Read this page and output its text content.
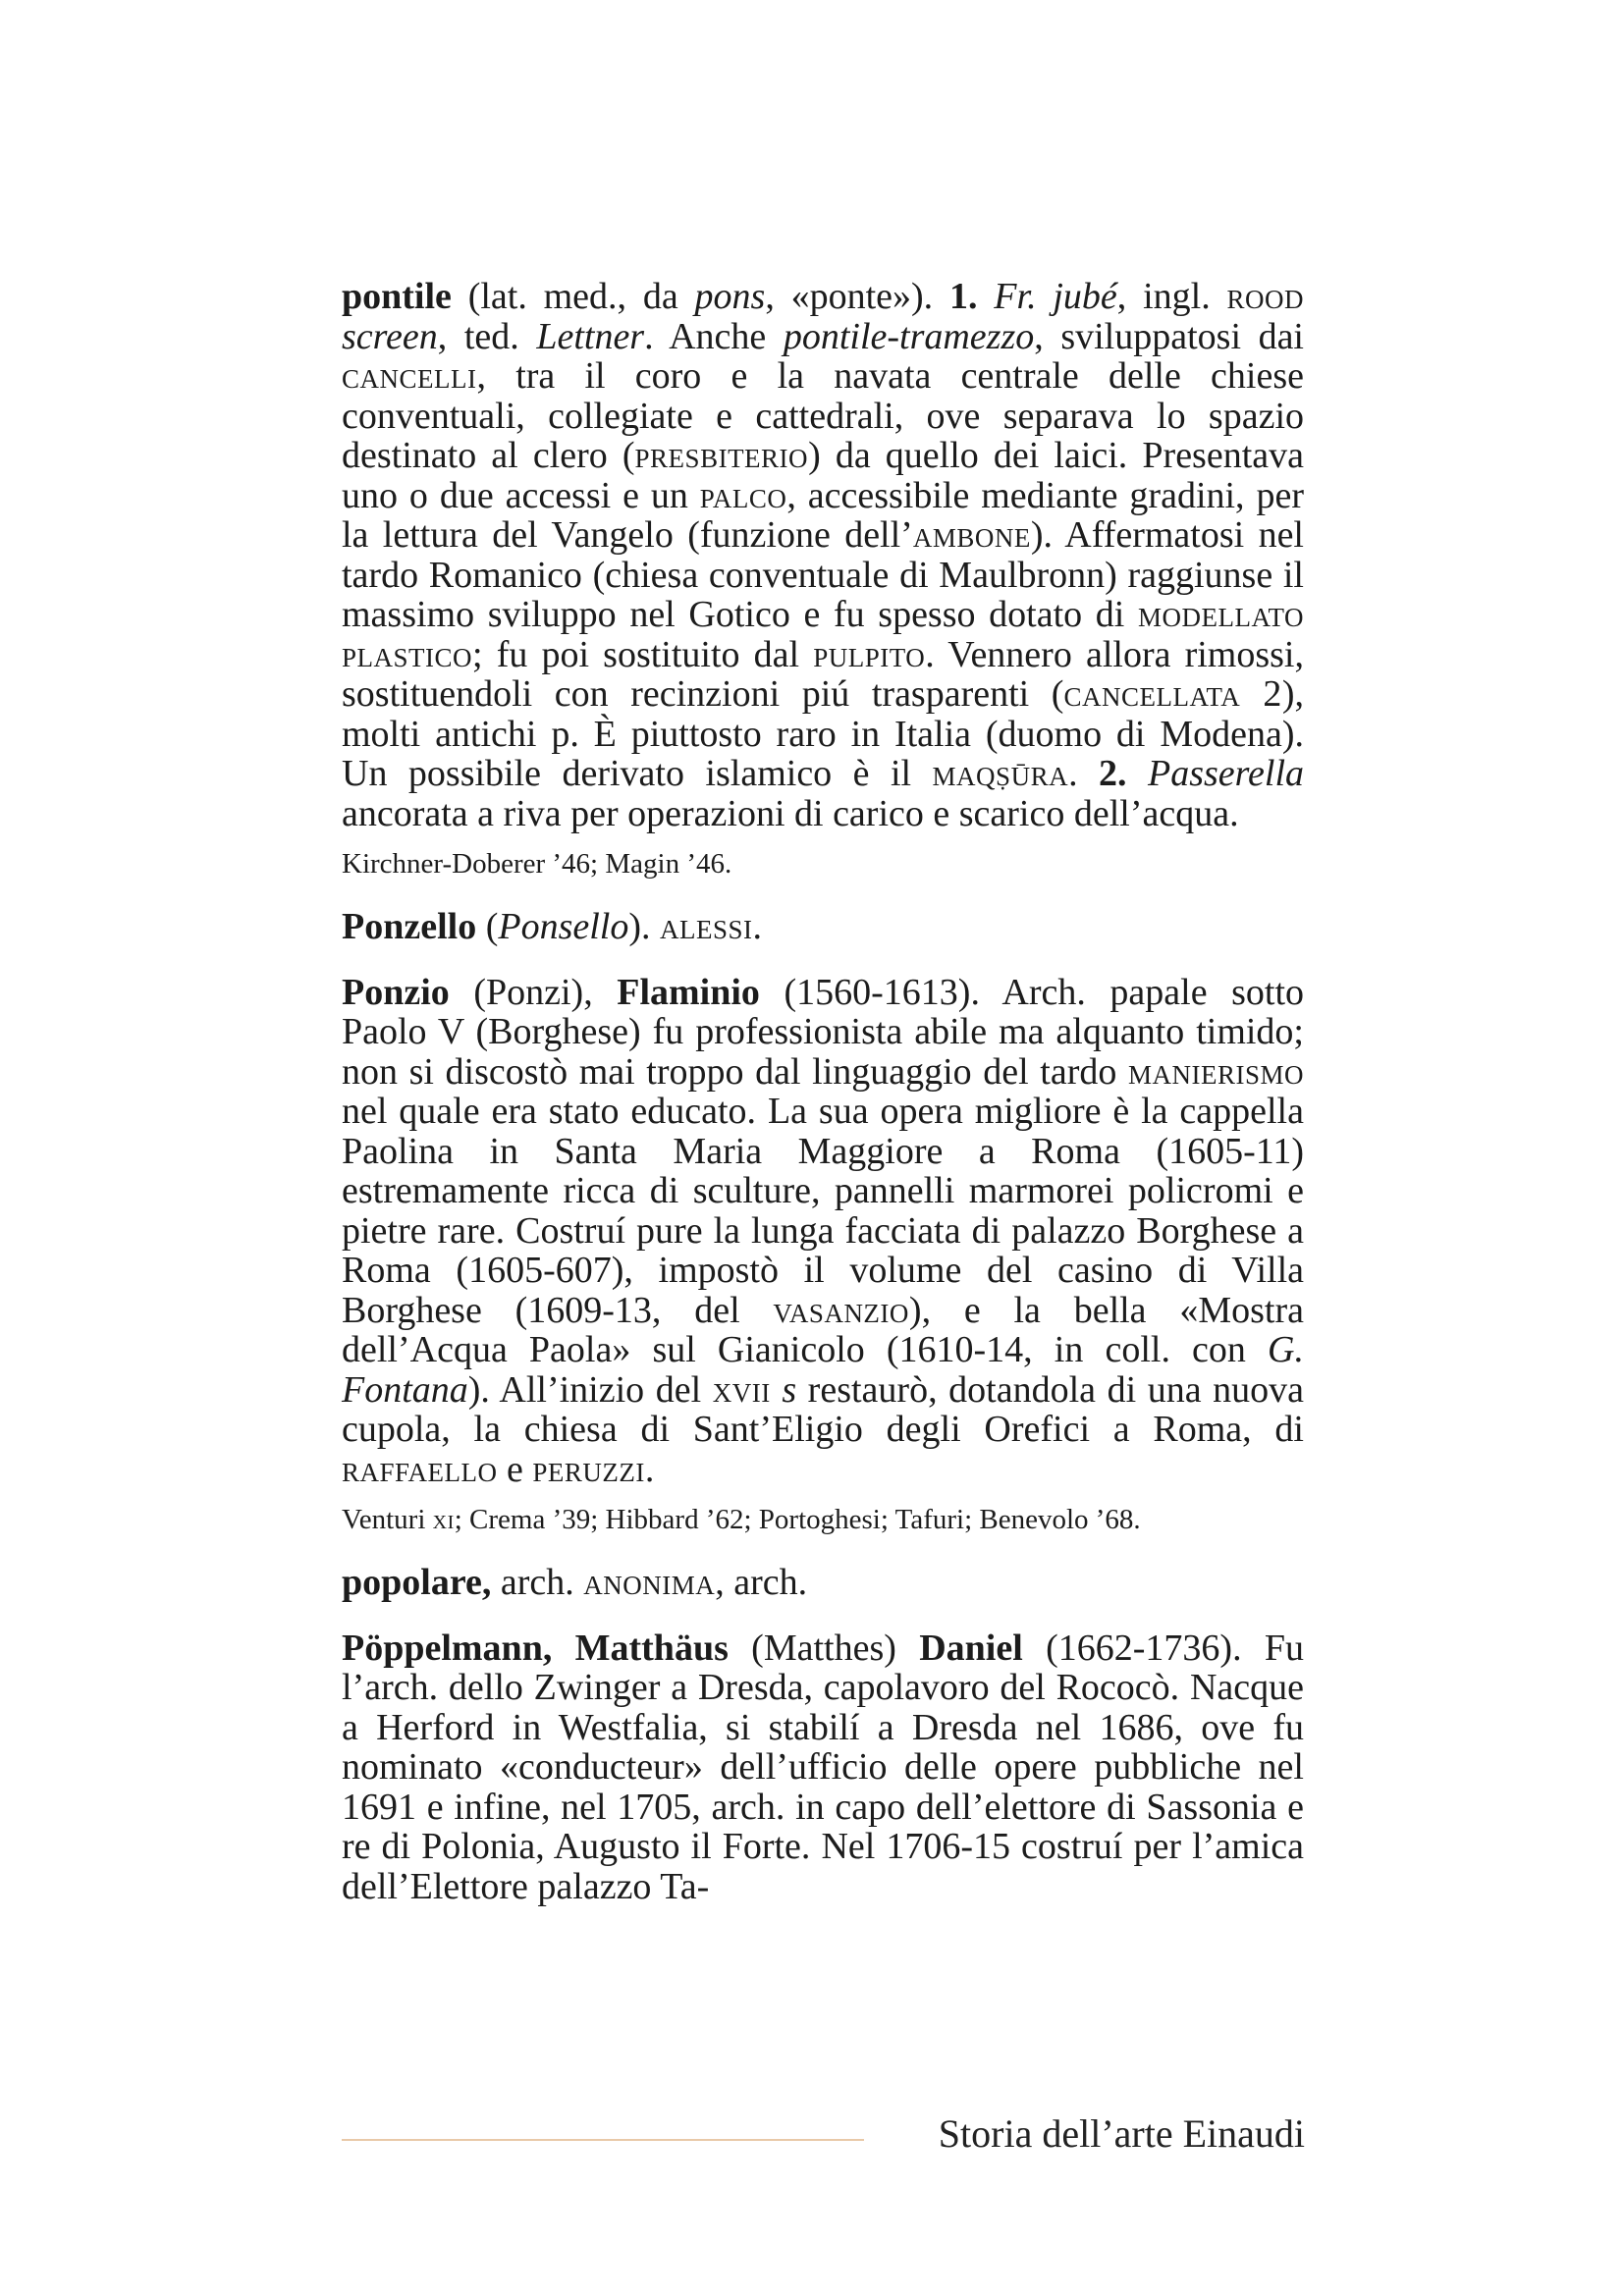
pontile (lat. med., da pons, «ponte»). 1. Fr. jubé, ingl. rood screen, ted. Lettner. Anche pontile-tramezzo, sviluppatosi dai cancelli, tra il coro e la navata centrale delle chiese conventuali, collegiate e cattedrali, ove separava lo spazio destinato al clero (presbiterio) da quello dei laici. Presentava uno o due accessi e un palco, accessibile mediante gradini, per la lettura del Vangelo (funzione dell’ambone). Affermatosi nel tardo Romanico (chiesa conventuale di Maulbronn) raggiunse il massimo sviluppo nel Gotico e fu spesso dotato di modellato plastico; fu poi sostituito dal pulpito. Vennero allora rimossi, sostituendoli con recinzioni piú trasparenti (cancellata 2), molti antichi p. È piuttosto raro in Italia (duomo di Modena). Un possibile derivato islamico è il maqṣūra. 2. Passerella ancorata a riva per operazioni di carico e scarico dell’acqua.

Kirchner-Doberer ’46; Magin ’46.

Ponzello (Ponsello). alessi.

Ponzio (Ponzi), Flaminio (1560-1613). Arch. papale sotto Paolo V (Borghese) fu professionista abile ma alquanto timido; non si discostò mai troppo dal linguaggio del tardo manierismo nel quale era stato educato. La sua opera migliore è la cappella Paolina in Santa Maria Maggiore a Roma (1605-11) estremamente ricca di sculture, pannelli marmorei policromi e pietre rare. Costruí pure la lunga facciata di palazzo Borghese a Roma (1605-607), impostò il volume del casino di Villa Borghese (1609-13, del vasanzio), e la bella «Mostra dell’Acqua Paola» sul Gianicolo (1610-14, in coll. con G. Fontana). All’inizio del xvii s restaurò, dotandola di una nuova cupola, la chiesa di Sant’Eligio degli Orefici a Roma, di raffaello e peruzzi.

Venturi xi; Crema ’39; Hibbard ’62; Portoghesi; Tafuri; Benevolo ’68.

popolare, arch. anonima, arch.

Pöppelmann, Matthäus (Matthes) Daniel (1662-1736). Fu l’arch. dello Zwinger a Dresda, capolavoro del Rococò. Nacque a Herford in Westfalia, si stabilí a Dresda nel 1686, ove fu nominato «conducteur» dell’ufficio delle opere pubbliche nel 1691 e infine, nel 1705, arch. in capo dell’elettore di Sassonia e re di Polonia, Augusto il Forte. Nel 1706-15 costruí per l’amica dell’Elettore palazzo Ta-

Storia dell’arte Einaudi
